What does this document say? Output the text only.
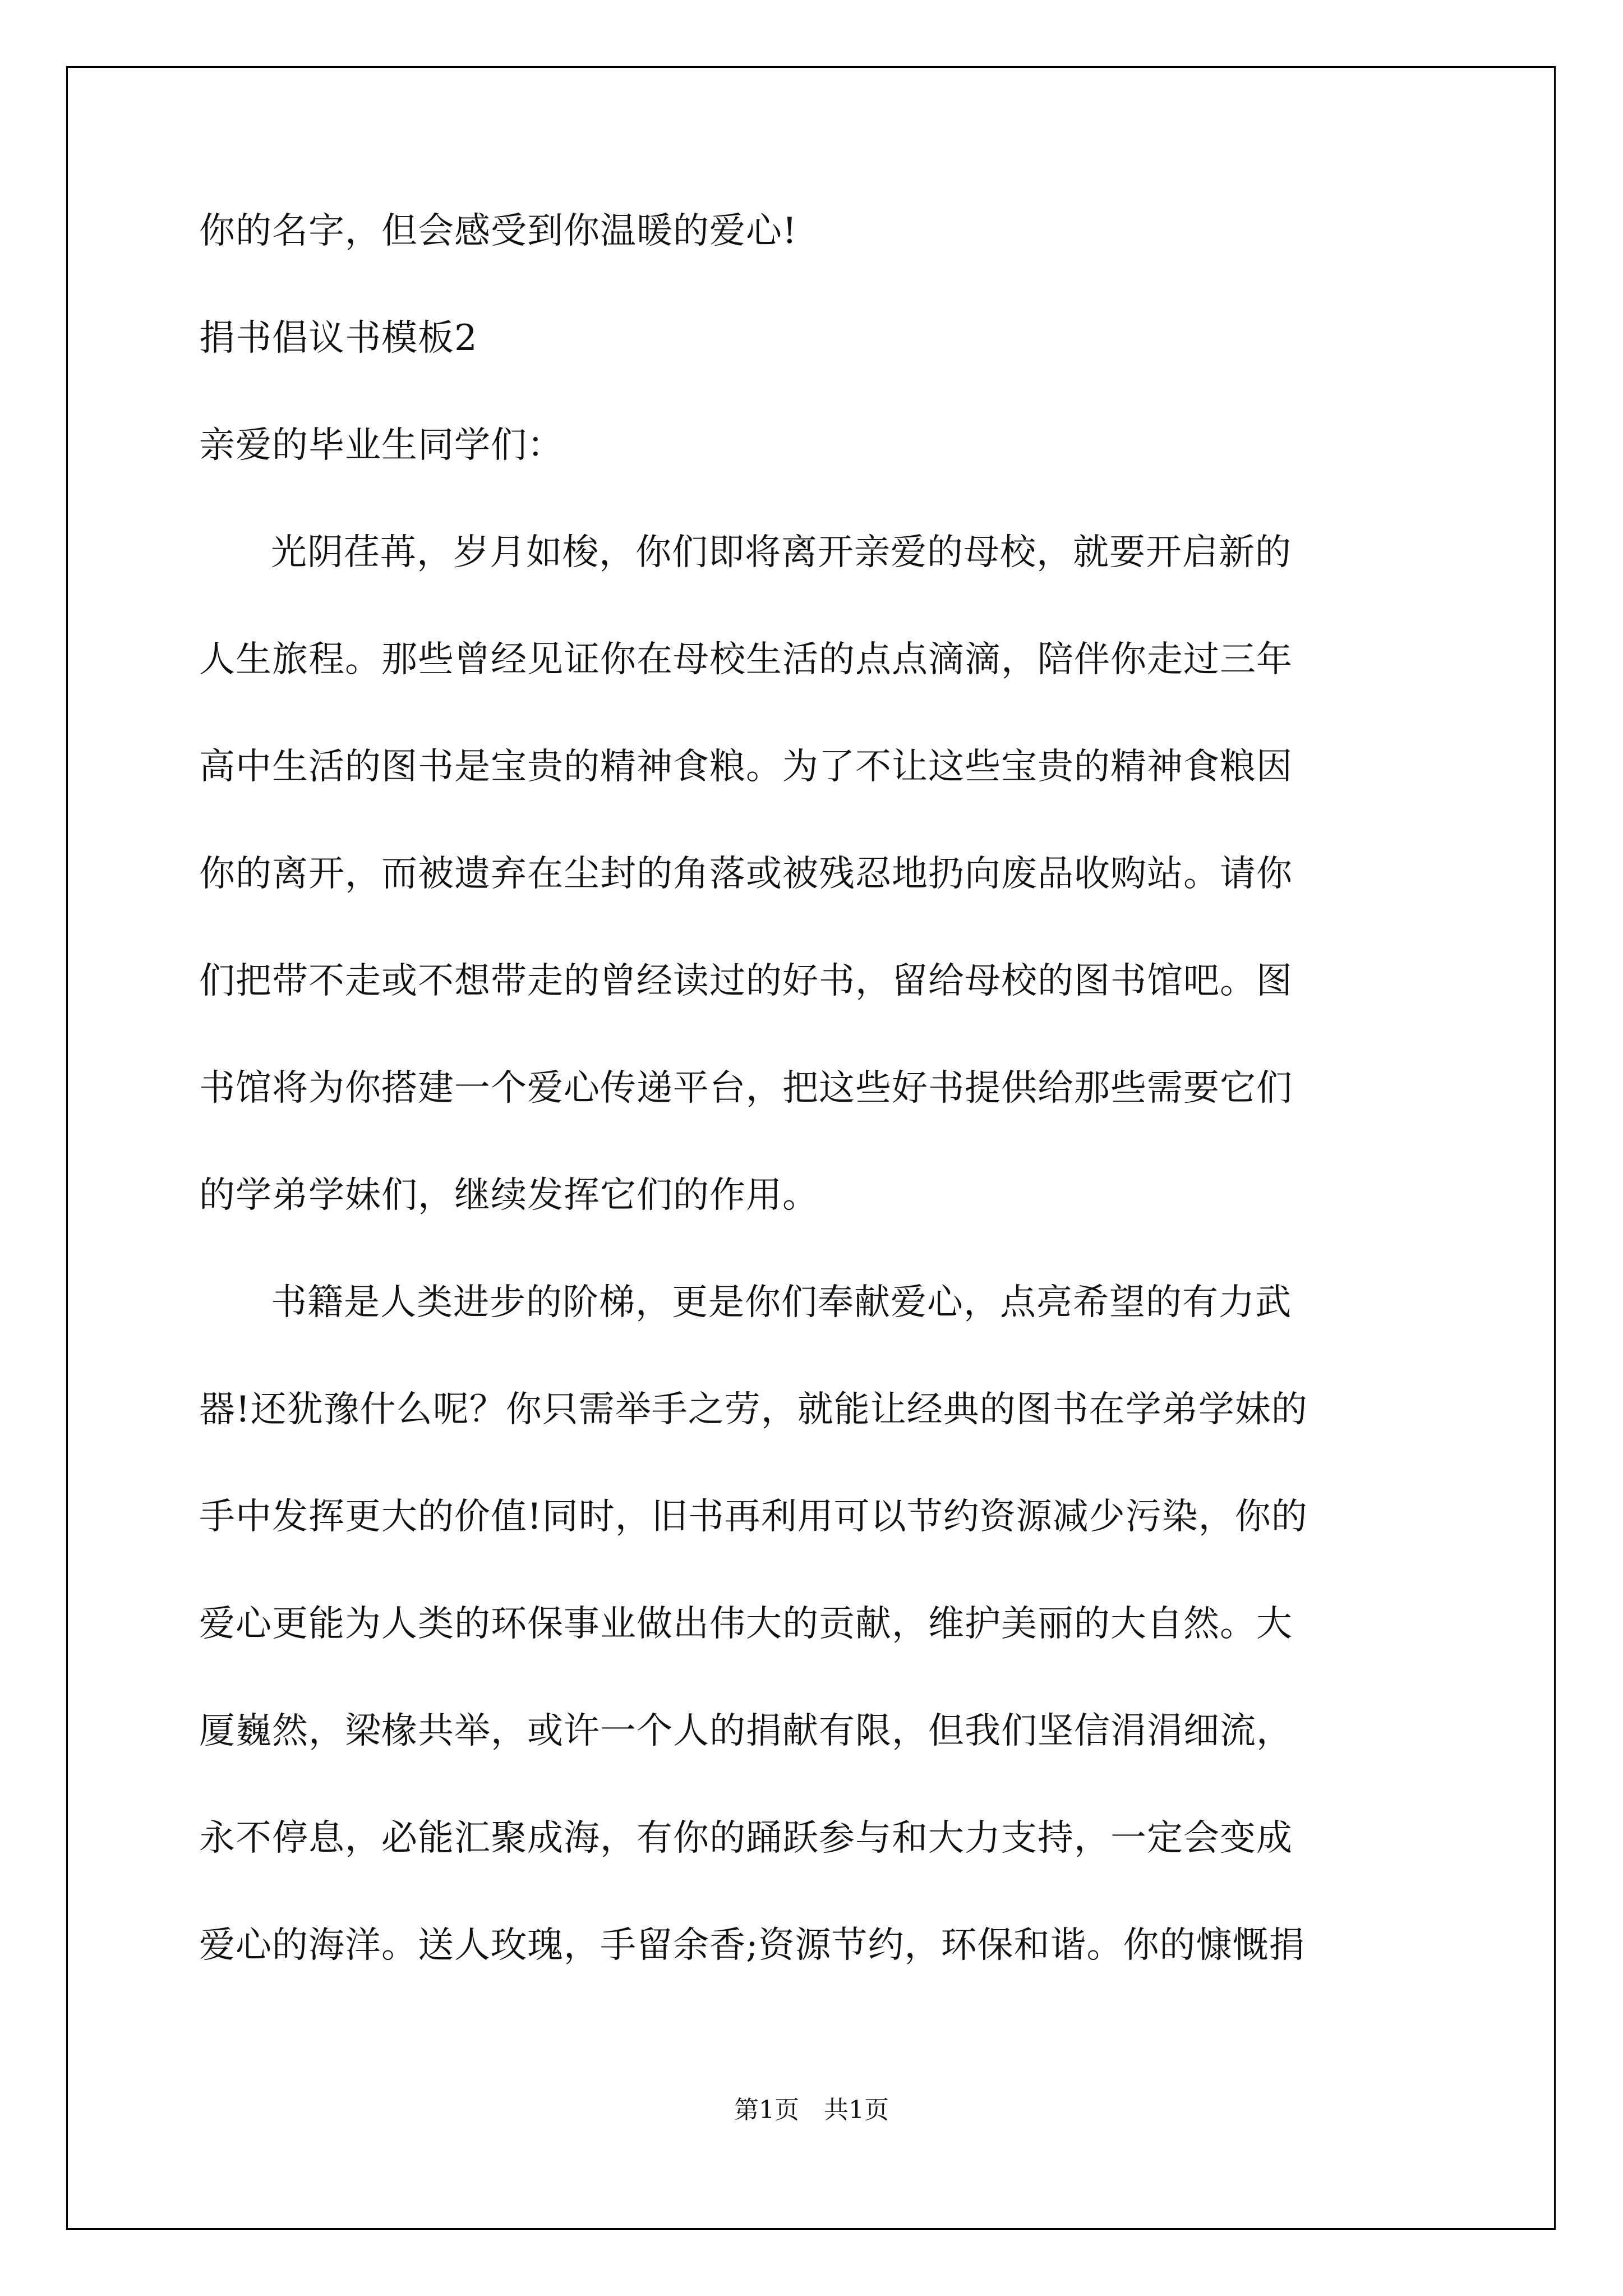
你的名字，但会感受到你温暖的爱心!
捐书倡议书模板2
亲爱的毕业生同学们：
光阴荏苒，岁月如梭，你们即将离开亲爱的母校，就要开启新的
人生旅程。那些曾经见证你在母校生活的点点滴滴，陪伴你走过三年
高中生活的图书是宝贵的精神食粮。为了不让这些宝贵的精神食粮因
你的离开，而被遗弃在尘封的角落或被残忍地扔向废品收购站。请你
们把带不走或不想带走的曾经读过的好书，留给母校的图书馆吧。图
书馆将为你搭建一个爱心传递平台，把这些好书提供给那些需要它们
的学弟学妹们，继续发挥它们的作用。
书籍是人类进步的阶梯，更是你们奉献爱心，点亮希望的有力武
器!还犹豫什么呢？你只需举手之劳，就能让经典的图书在学弟学妹的
手中发挥更大的价值!同时，旧书再利用可以节约资源减少污染，你的
爱心更能为人类的环保事业做出伟大的贡献，维护美丽的大自然。大
厦巍然，梁椽共举，或许一个人的捐献有限，但我们坚信涓涓细流，
永不停息，必能汇聚成海，有你的踊跃参与和大力支持，一定会变成
爱心的海洋。送人玫瑰，手留余香;资源节约，环保和谐。你的慷慨捐
第1页 共1页
